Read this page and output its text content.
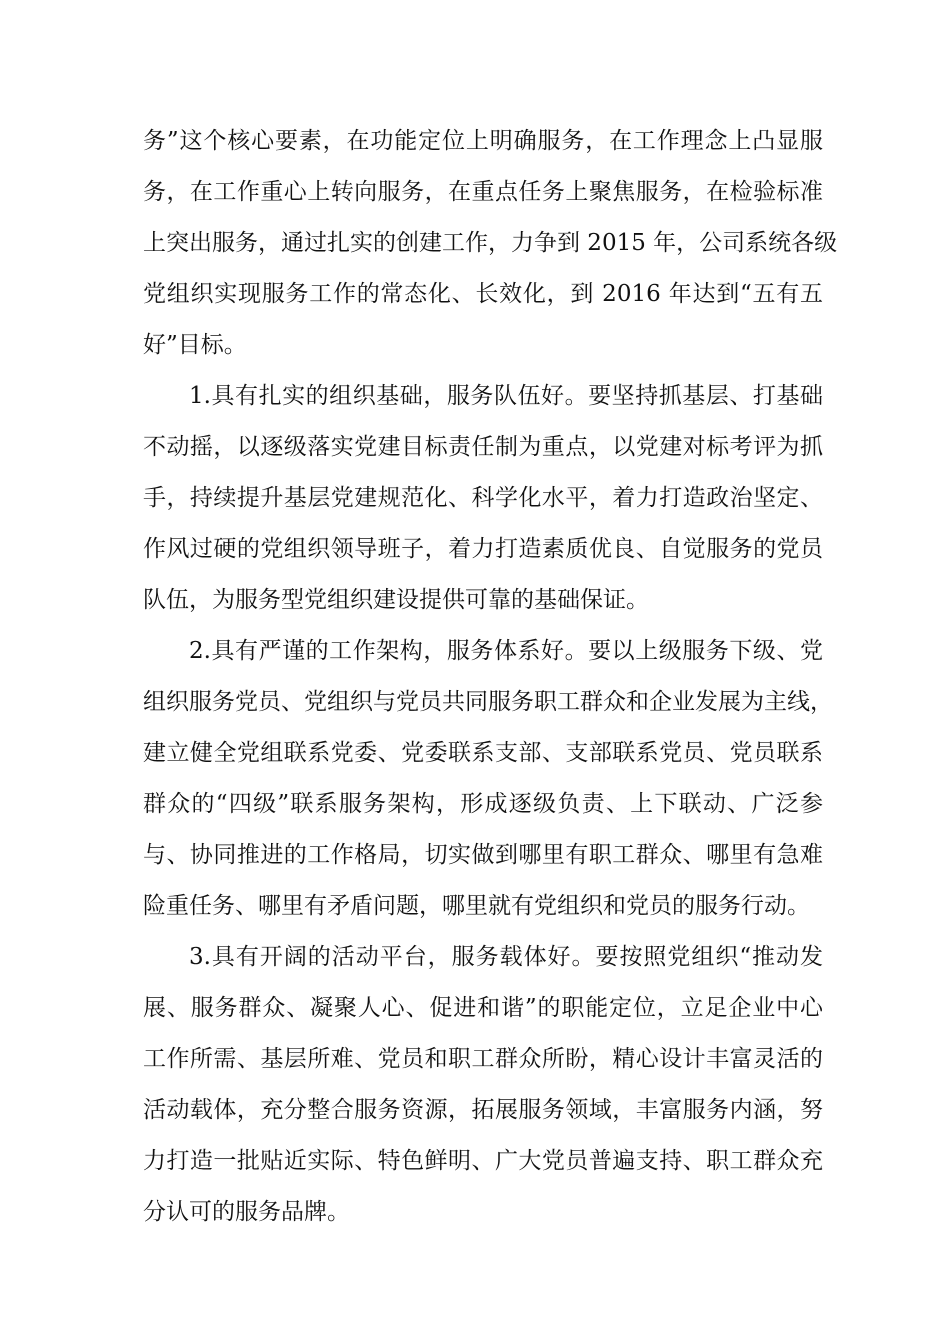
务”这个核心要素，在功能定位上明确服务，在工作理念上凸显服
务，在工作重心上转向服务，在重点任务上聚焦服务，在检验标准
上突出服务，通过扎实的创建工作，力争到 2015 年，公司系统各级
党组织实现服务工作的常态化、长效化，到 2016 年达到“五有五
好”目标。
1.具有扎实的组织基础，服务队伍好。要坚持抓基层、打基础
不动摇，以逐级落实党建目标责任制为重点，以党建对标考评为抓
手，持续提升基层党建规范化、科学化水平，着力打造政治坚定、
作风过硬的党组织领导班子，着力打造素质优良、自觉服务的党员
队伍，为服务型党组织建设提供可靠的基础保证。
2.具有严谨的工作架构，服务体系好。要以上级服务下级、党
组织服务党员、党组织与党员共同服务职工群众和企业发展为主线，
建立健全党组联系党委、党委联系支部、支部联系党员、党员联系
群众的“四级”联系服务架构，形成逐级负责、上下联动、广泛参
与、协同推进的工作格局，切实做到哪里有职工群众、哪里有急难
险重任务、哪里有矛盾问题，哪里就有党组织和党员的服务行动。
3.具有开阔的活动平台，服务载体好。要按照党组织“推动发
展、服务群众、凝聚人心、促进和谐”的职能定位，立足企业中心
工作所需、基层所难、党员和职工群众所盼，精心设计丰富灵活的
活动载体，充分整合服务资源，拓展服务领域，丰富服务内涵，努
力打造一批贴近实际、特色鲜明、广大党员普遍支持、职工群众充
分认可的服务品牌。
